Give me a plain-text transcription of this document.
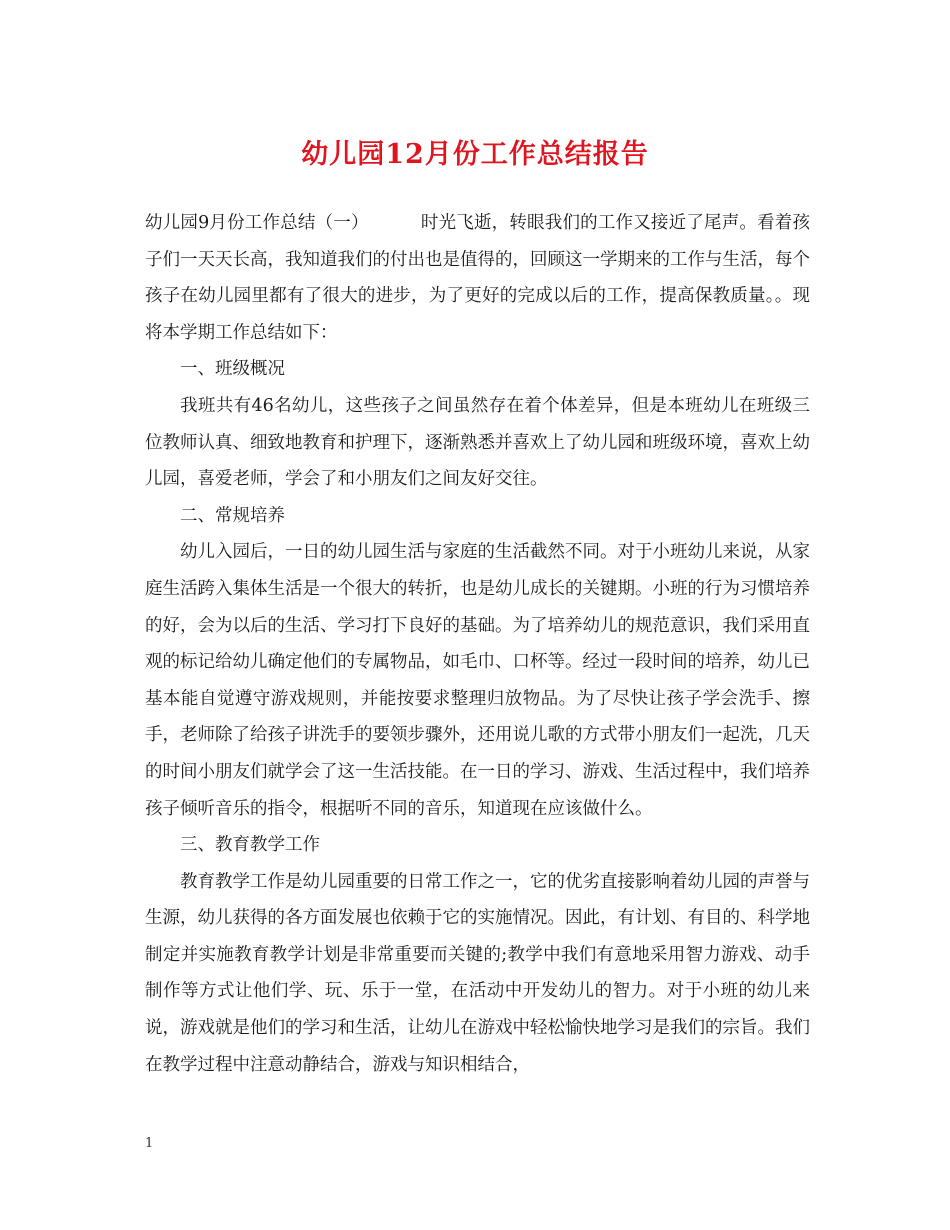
幼儿园12月份工作总结报告

幼儿园9月份工作总结（一）	时光飞逝，转眼我们的工作又接近了尾声。看着孩子们一天天长高，我知道我们的付出也是值得的，回顾这一学期来的工作与生活，每个孩子在幼儿园里都有了很大的进步，为了更好的完成以后的工作，提高保教质量。。现将本学期工作总结如下：

一、班级概况

我班共有46名幼儿，这些孩子之间虽然存在着个体差异，但是本班幼儿在班级三位教师认真、细致地教育和护理下，逐渐熟悉并喜欢上了幼儿园和班级环境，喜欢上幼儿园，喜爱老师，学会了和小朋友们之间友好交往。

二、常规培养

幼儿入园后，一日的幼儿园生活与家庭的生活截然不同。对于小班幼儿来说，从家庭生活跨入集体生活是一个很大的转折，也是幼儿成长的关键期。小班的行为习惯培养的好，会为以后的生活、学习打下良好的基础。为了培养幼儿的规范意识，我们采用直观的标记给幼儿确定他们的专属物品，如毛巾、口杯等。经过一段时间的培养，幼儿已基本能自觉遵守游戏规则，并能按要求整理归放物品。为了尽快让孩子学会洗手、擦手，老师除了给孩子讲洗手的要领步骤外，还用说儿歌的方式带小朋友们一起洗，几天的时间小朋友们就学会了这一生活技能。在一日的学习、游戏、生活过程中，我们培养孩子倾听音乐的指令，根据听不同的音乐，知道现在应该做什么。

三、教育教学工作

教育教学工作是幼儿园重要的日常工作之一，它的优劣直接影响着幼儿园的声誉与生源，幼儿获得的各方面发展也依赖于它的实施情况。因此，有计划、有目的、科学地制定并实施教育教学计划是非常重要而关键的;教学中我们有意地采用智力游戏、动手制作等方式让他们学、玩、乐于一堂，在活动中开发幼儿的智力。对于小班的幼儿来说，游戏就是他们的学习和生活，让幼儿在游戏中轻松愉快地学习是我们的宗旨。我们在教学过程中注意动静结合，游戏与知识相结合，

1
